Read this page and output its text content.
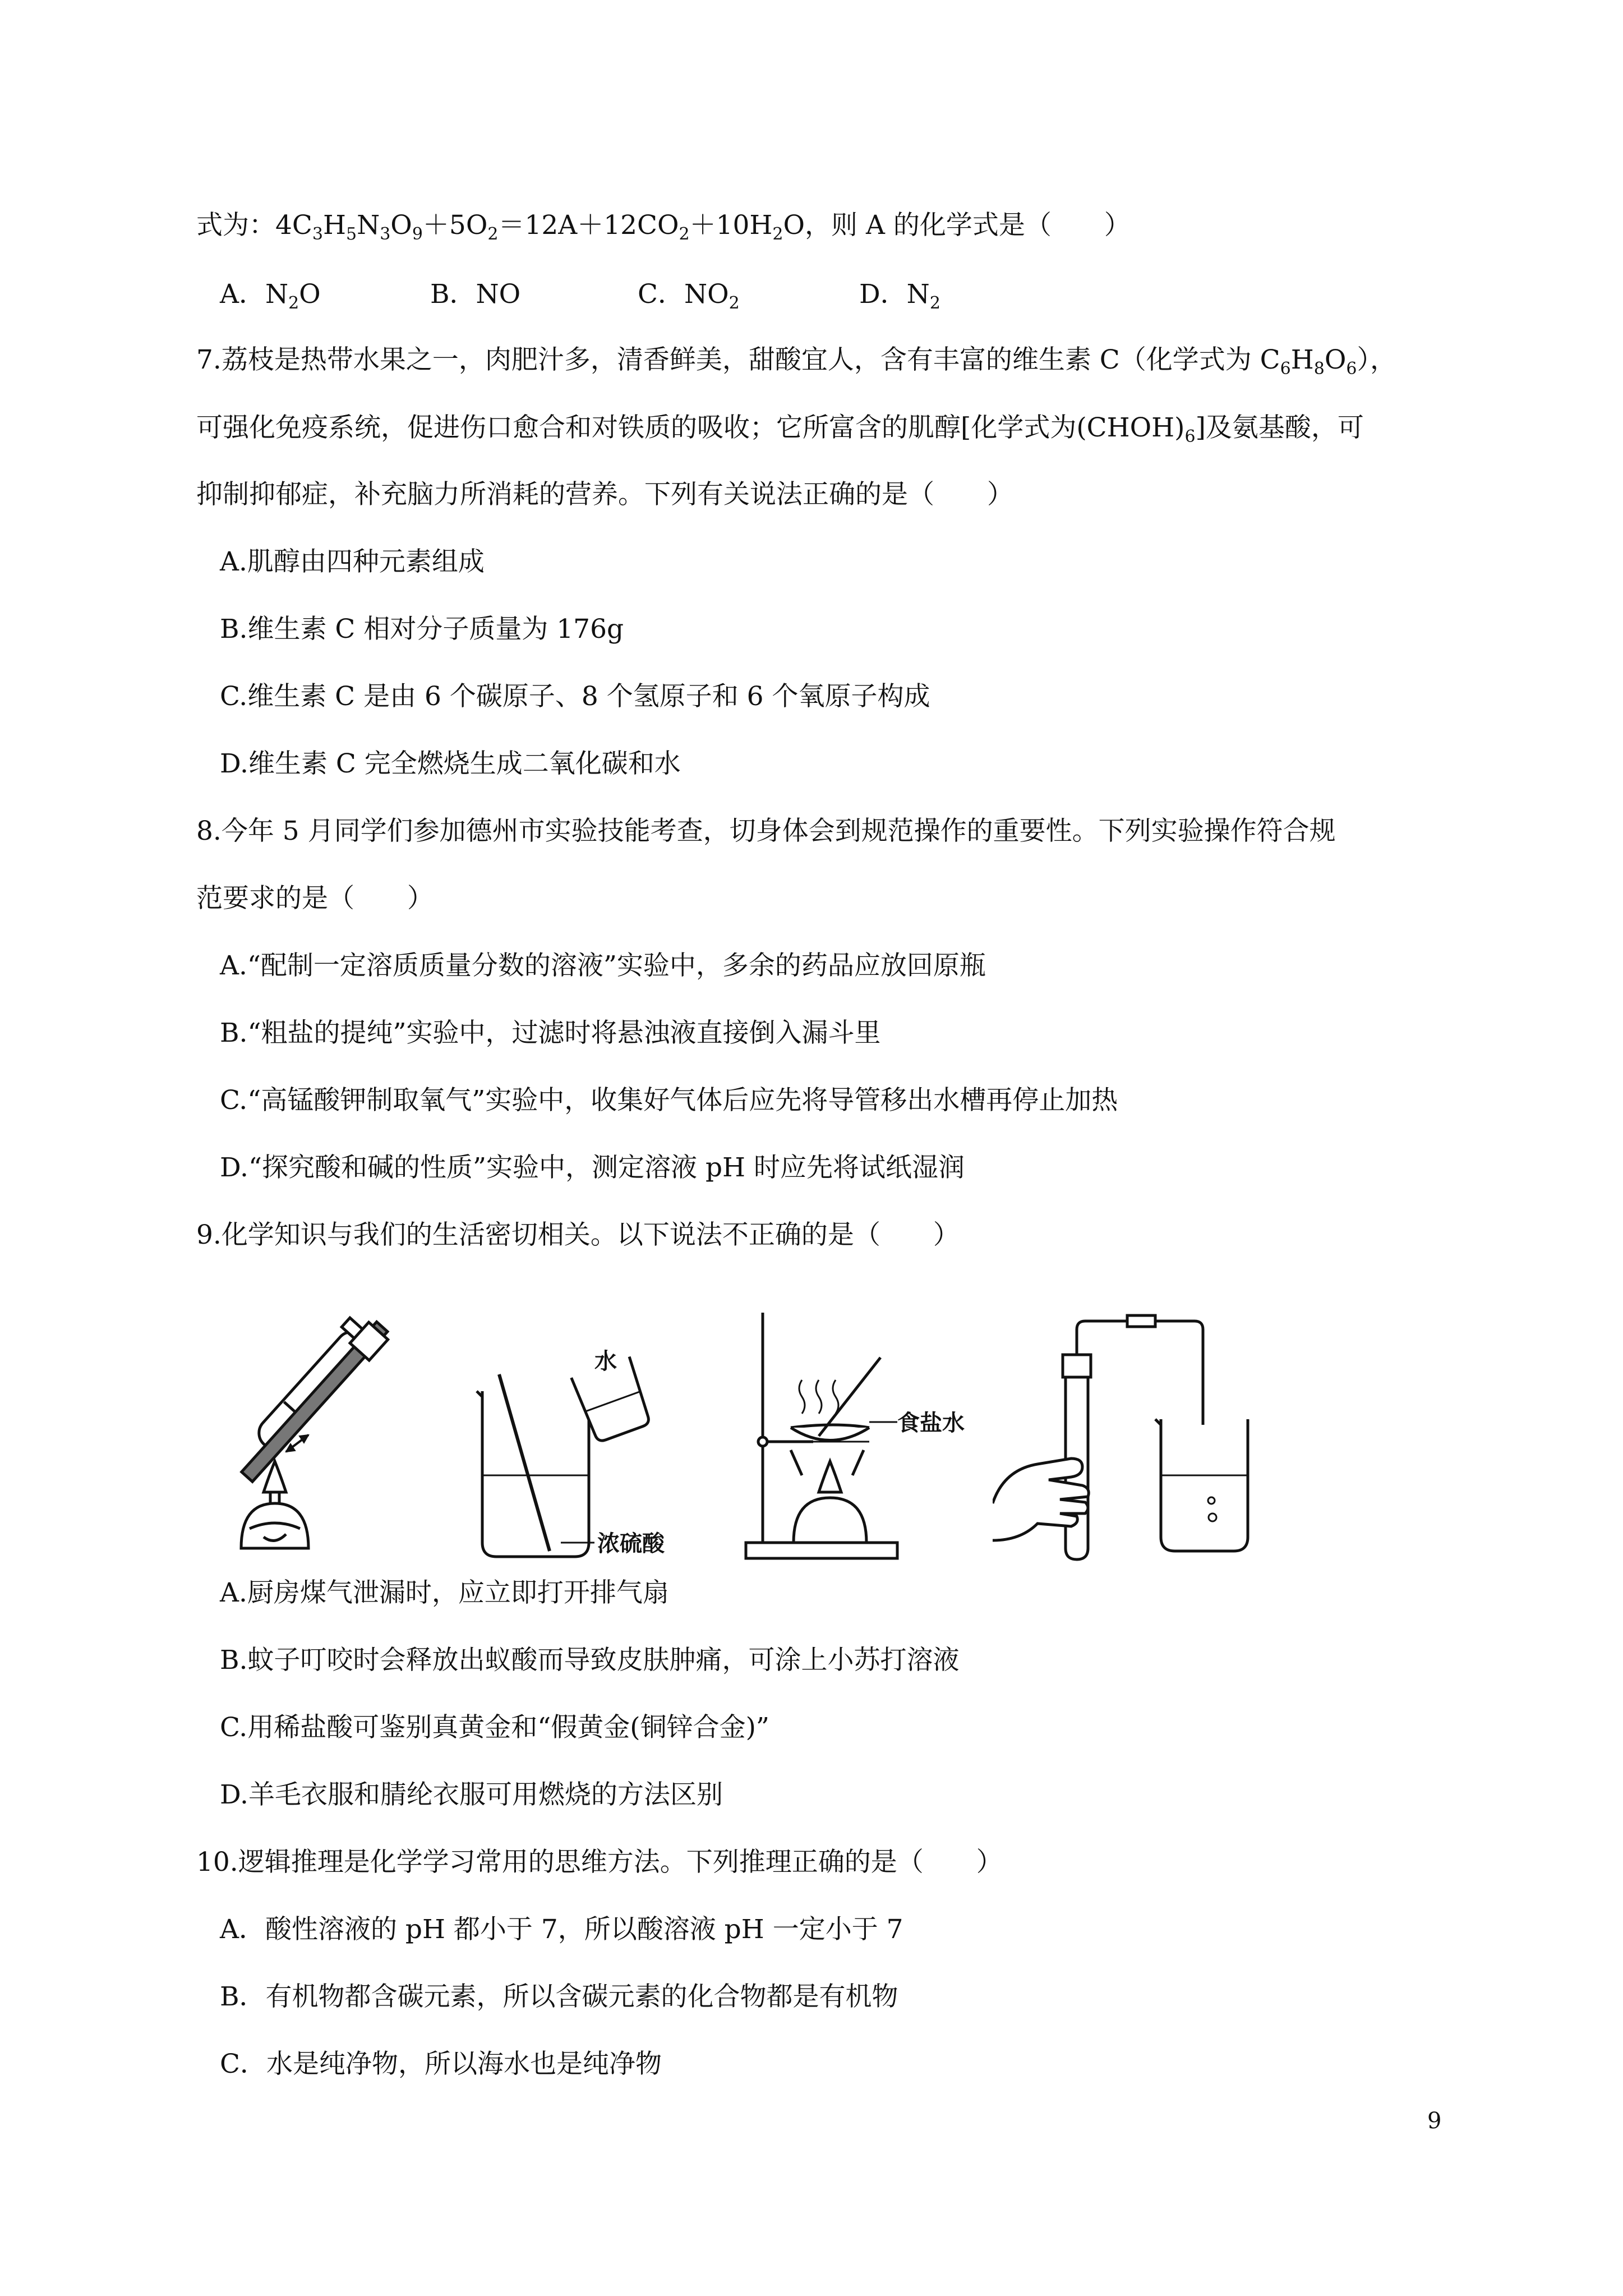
式为：$4C_3H_5N_3O_9+5O_2=12A+12CO_2+10H_2O$，则 A 的化学式是（　　）
A．$N_2O$	B．NO	C．$NO_2$	D．$N_2$
7.荔枝是热带水果之一，肉肥汁多，清香鲜美，甜酸宜人，含有丰富的维生素 C（化学式为 $C_6H_8O_6$），
可强化免疫系统，促进伤口愈合和对铁质的吸收；它所富含的肌醇[化学式为$(CHOH)_6$]及氨基酸，可
抑制抑郁症，补充脑力所消耗的营养。下列有关说法正确的是（　　）
A.肌醇由四种元素组成
B.维生素 C 相对分子质量为 176g
C.维生素 C 是由 6 个碳原子、8 个氢原子和 6 个氧原子构成
D.维生素 C 完全燃烧生成二氧化碳和水
8.今年 5 月同学们参加德州市实验技能考查，切身体会到规范操作的重要性。下列实验操作符合规
范要求的是（　　）
A.“配制一定溶质质量分数的溶液”实验中，多余的药品应放回原瓶
B.“粗盐的提纯”实验中，过滤时将悬浊液直接倒入漏斗里
C.“高锰酸钾制取氧气”实验中，收集好气体后应先将导管移出水槽再停止加热
D.“探究酸和碱的性质”实验中，测定溶液 pH 时应先将试纸湿润
9.化学知识与我们的生活密切相关。以下说法不正确的是（　　）
水
浓硫酸
食盐水
A.厨房煤气泄漏时，应立即打开排气扇
B.蚊子叮咬时会释放出蚁酸而导致皮肤肿痛，可涂上小苏打溶液
C.用稀盐酸可鉴别真黄金和“假黄金(铜锌合金)”
D.羊毛衣服和腈纶衣服可用燃烧的方法区别
10.逻辑推理是化学学习常用的思维方法。下列推理正确的是（　　）
A．酸性溶液的 pH 都小于 7，所以酸溶液 pH 一定小于 7
B．有机物都含碳元素，所以含碳元素的化合物都是有机物
C．水是纯净物，所以海水也是纯净物
9
